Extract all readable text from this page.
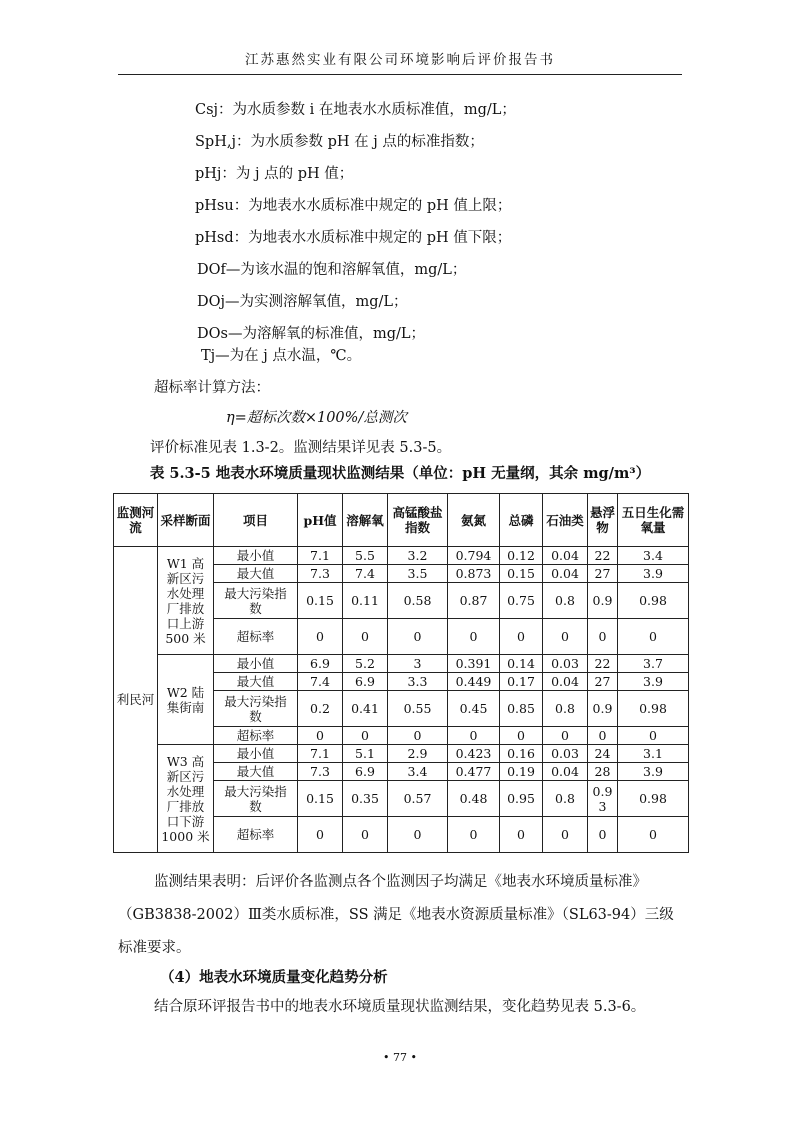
江苏惠然实业有限公司环境影响后评价报告书
Csj：为水质参数 i 在地表水水质标准值，mg/L；
SpH,j：为水质参数 pH 在 j 点的标准指数；
pHj：为 j 点的 pH 值；
pHsu：为地表水水质标准中规定的 pH 值上限；
pHsd：为地表水水质标准中规定的 pH 值下限；
DOf—为该水温的饱和溶解氧值，mg/L；
DOj—为实测溶解氧值，mg/L；
DOs—为溶解氧的标准值，mg/L；
Tj—为在 j 点水温，℃。
超标率计算方法：
η=超标次数×100%/总测次
评价标准见表 1.3-2。监测结果详见表 5.3-5。
表 5.3-5 地表水环境质量现状监测结果（单位：pH 无量纲，其余 mg/m³）
监测河流	采样断面	项目	pH值	溶解氧	高锰酸盐指数	氨氮	总磷	石油类	悬浮物	五日生化需氧量
利民河	W1 高新区污水处理厂排放口上游500 米	最小值	7.1	5.5	3.2	0.794	0.12	0.04	22	3.4
		最大值	7.3	7.4	3.5	0.873	0.15	0.04	27	3.9
		最大污染指数	0.15	0.11	0.58	0.87	0.75	0.8	0.9	0.98
		超标率	0	0	0	0	0	0	0	0
	W2 陆集街南	最小值	6.9	5.2	3	0.391	0.14	0.03	22	3.7
		最大值	7.4	6.9	3.3	0.449	0.17	0.04	27	3.9
		最大污染指数	0.2	0.41	0.55	0.45	0.85	0.8	0.9	0.98
		超标率	0	0	0	0	0	0	0	0
	W3 高新区污水处理厂排放口下游1000 米	最小值	7.1	5.1	2.9	0.423	0.16	0.03	24	3.1
		最大值	7.3	6.9	3.4	0.477	0.19	0.04	28	3.9
		最大污染指数	0.15	0.35	0.57	0.48	0.95	0.8	0.93	0.98
		超标率	0	0	0	0	0	0	0	0
监测结果表明：后评价各监测点各个监测因子均满足《地表水环境质量标准》（GB3838-2002）Ⅲ类水质标准，SS 满足《地表水资源质量标准》（SL63-94）三级标准要求。
（4）地表水环境质量变化趋势分析
结合原环评报告书中的地表水环境质量现状监测结果，变化趋势见表 5.3-6。
• 77 •
